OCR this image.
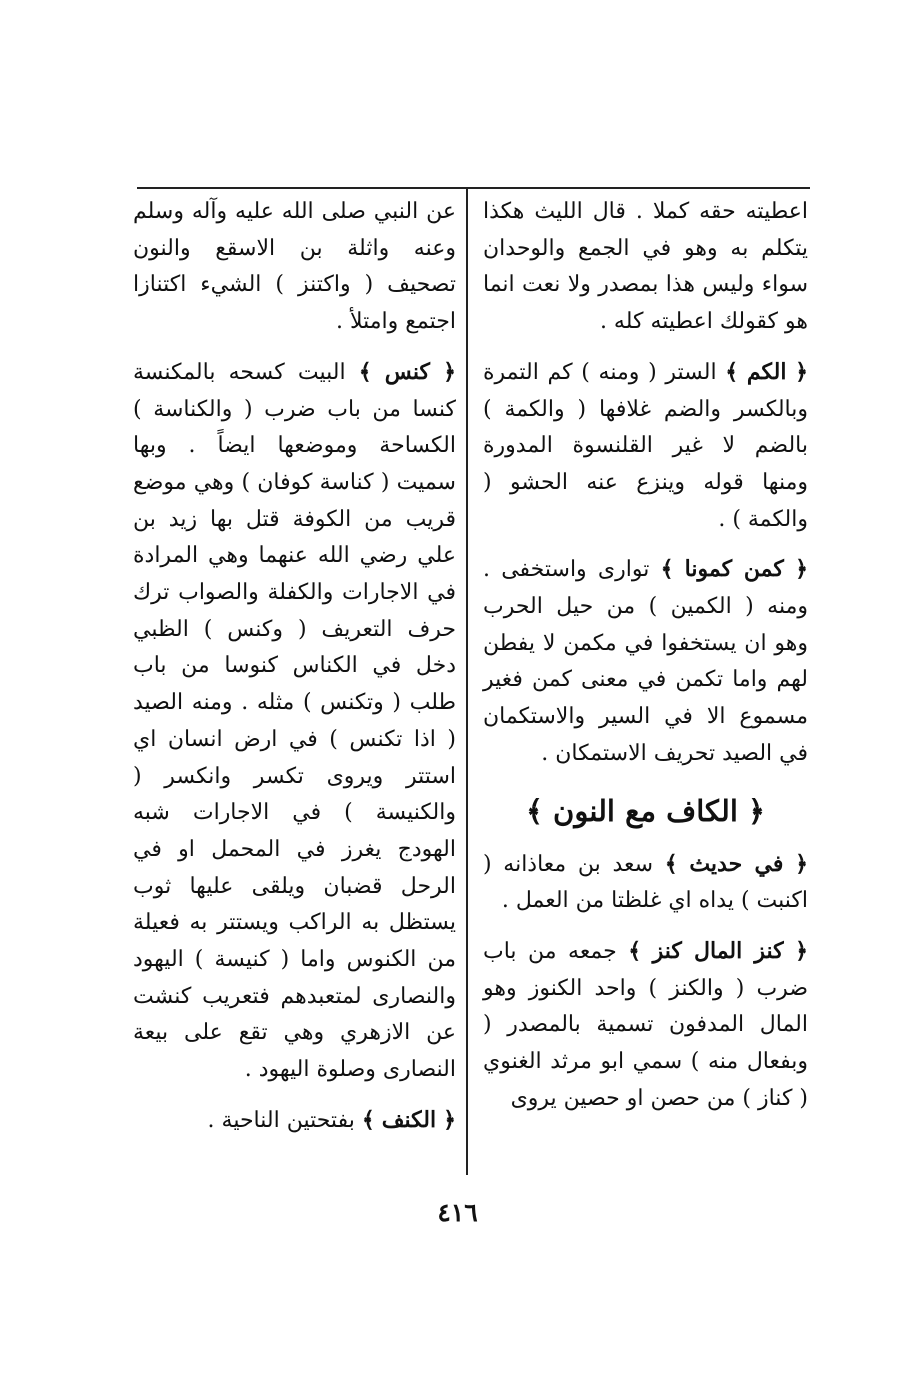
اعطيته حقه كملا . قال الليث هكذا يتكلم به وهو في الجمع والوحدان سواء وليس هذا بمصدر ولا نعت انما هو كقولك اعطيته كله .

﴿ الكم ﴾ الستر ( ومنه ) كم التمرة وبالكسر والضم غلافها ( والكمة ) بالضم لا غير القلنسوة المدورة ومنها قوله وينزع عنه الحشو ( والكمة ) .

﴿ كمن كمونا ﴾ توارى واستخفى . ومنه ( الكمين ) من حيل الحرب وهو ان يستخفوا في مكمن لا يفطن لهم واما تكمن في معنى كمن فغير مسموع الا في السير والاستكمان في الصيد تحريف الاستمكان .

﴿ الكاف مع النون ﴾

﴿ في حديث ﴾ سعد بن معاذانه ( اكنبت ) يداه اي غلظتا من العمل .

﴿ كنز المال كنز ﴾ جمعه من باب ضرب ( والكنز ) واحد الكنوز وهو المال المدفون تسمية بالمصدر ( وبفعال منه ) سمي ابو مرثد الغنوي ( كناز ) من حصن او حصين يروى

عن النبي صلى الله عليه وآله وسلم وعنه واثلة بن الاسقع والنون تصحيف ( واكتنز ) الشيء اكتنازا اجتمع وامتلأ .

﴿ كنس ﴾ البيت كسحه بالمكنسة كنسا من باب ضرب ( والكناسة ) الكساحة وموضعها ايضاً . وبها سميت ( كناسة كوفان ) وهي موضع قريب من الكوفة قتل بها زيد بن علي رضي الله عنهما وهي المرادة في الاجارات والكفلة والصواب ترك حرف التعريف ( وكنس ) الظبي دخل في الكناس كنوسا من باب طلب ( وتكنس ) مثله . ومنه الصيد ( اذا تكنس ) في ارض انسان اي استتر ويروى تكسر وانكسر ( والكنيسة ) في الاجارات شبه الهودج يغرز في المحمل او في الرحل قضبان ويلقى عليها ثوب يستظل به الراكب ويستتر به فعيلة من الكنوس واما ( كنيسة ) اليهود والنصارى لمتعبدهم فتعريب كنشت عن الازهري وهي تقع على بيعة النصارى وصلوة اليهود .

﴿ الكنف ﴾ بفتحتين الناحية .

٤١٦
